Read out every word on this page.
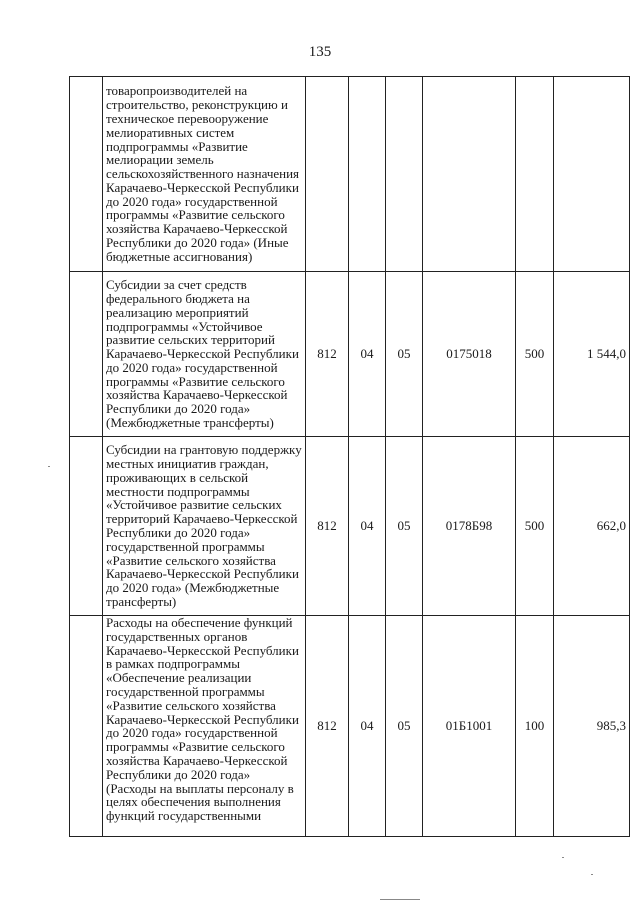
135

	товаропроизводителей на строительство, реконструкцию и техническое перевооружение мелиоративных систем подпрограммы «Развитие мелиорации земель сельскохозяйственного назначения Карачаево-Черкесской Республики до 2020 года» государственной программы «Развитие сельского хозяйства Карачаево-Черкесской Республики до 2020 года» (Иные бюджетные ассигнования)						

	Субсидии за счет средств федерального бюджета на реализацию мероприятий подпрограммы «Устойчивое развитие сельских территорий Карачаево-Черкесской Республики до 2020 года» государственной программы «Развитие сельского хозяйства Карачаево-Черкесской Республики до 2020 года» (Межбюджетные трансферты)	812	04	05	0175018	500	1 544,0

	Субсидии на грантовую поддержку местных инициатив граждан, проживающих в сельской местности подпрограммы «Устойчивое развитие сельских территорий Карачаево-Черкесской Республики до 2020 года» государственной программы «Развитие сельского хозяйства Карачаево-Черкесской Республики до 2020 года» (Межбюджетные трансферты)	812	04	05	0178Б98	500	662,0

	Расходы на обеспечение функций государственных органов Карачаево-Черкесской Республики в рамках подпрограммы «Обеспечение реализации государственной программы «Развитие сельского хозяйства Карачаево-Черкесской Республики до 2020 года» государственной программы «Развитие сельского хозяйства Карачаево-Черкесской Республики до 2020 года» (Расходы на выплаты персоналу в целях обеспечения выполнения функций государственными	812	04	05	01Б1001	100	985,3
